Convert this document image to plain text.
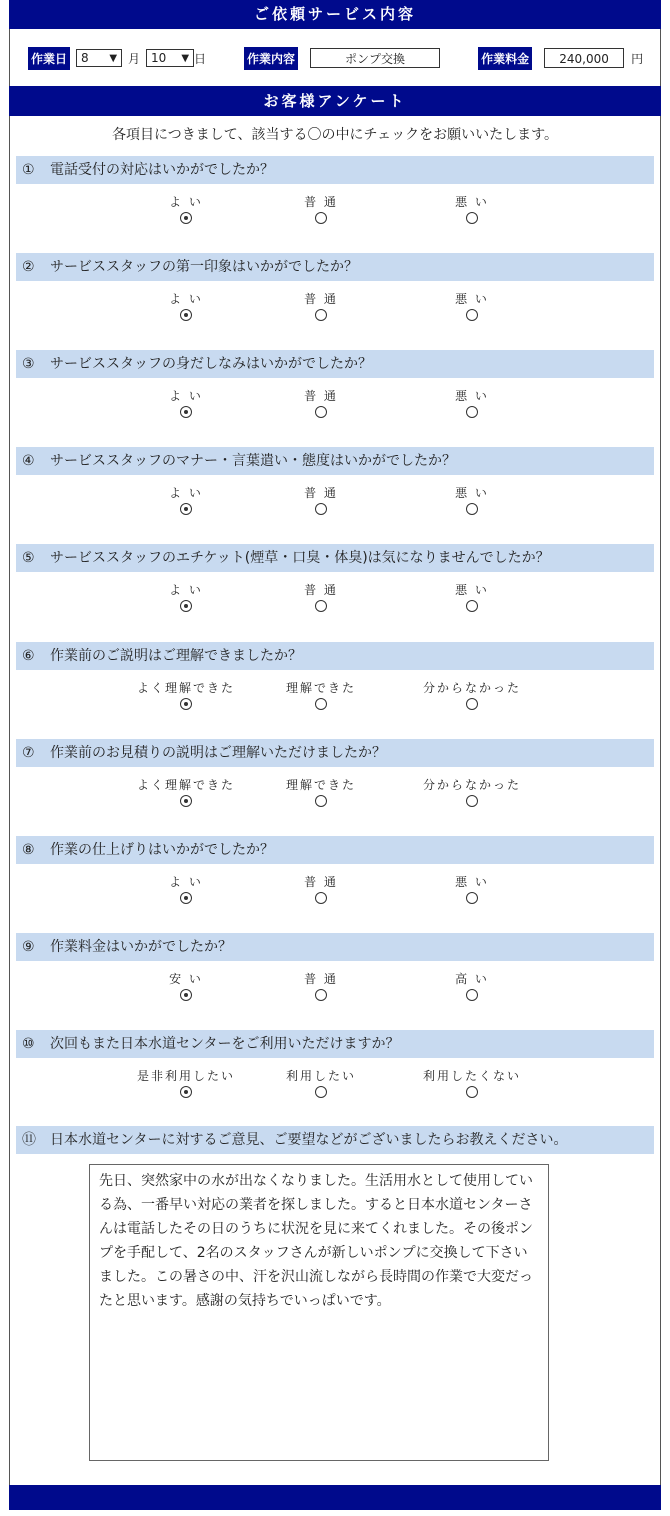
ご依頼サービス内容
作業日 8 ▼ 月 10 ▼ 日	作業内容	ポンプ交換	作業料金	240,000	円
お客様アンケート
各項目につきまして、該当する〇の中にチェックをお願いいたします。
① 電話受付の対応はいかがでしたか？
よ い	普 通	悪 い
② サービススタッフの第一印象はいかがでしたか？
よ い	普 通	悪 い
③ サービススタッフの身だしなみはいかがでしたか？
よ い	普 通	悪 い
④ サービススタッフのマナー・言葉遣い・態度はいかがでしたか？
よ い	普 通	悪 い
⑤ サービススタッフのエチケット(煙草・口臭・体臭)は気になりませんでしたか？
よ い	普 通	悪 い
⑥ 作業前のご説明はご理解できましたか？
よく理解できた	理解できた	分からなかった
⑦ 作業前のお見積りの説明はご理解いただけましたか？
よく理解できた	理解できた	分からなかった
⑧ 作業の仕上げりはいかがでしたか？
よ い	普 通	悪 い
⑨ 作業料金はいかがでしたか？
安 い	普 通	高 い
⑩ 次回もまた日本水道センターをご利用いただけますか？
是非利用したい	利用したい	利用したくない
⑪ 日本水道センターに対するご意見、ご要望などがございましたらお教えください。
先日、突然家中の水が出なくなりました。生活用水として使用している為、一番早い対応の業者を探しました。すると日本水道センターさんは電話したその日のうちに状況を見に来てくれました。その後ポンプを手配して、2名のスタッフさんが新しいポンプに交換して下さいました。この暑さの中、汗を沢山流しながら長時間の作業で大変だったと思います。感謝の気持ちでいっぱいです。
